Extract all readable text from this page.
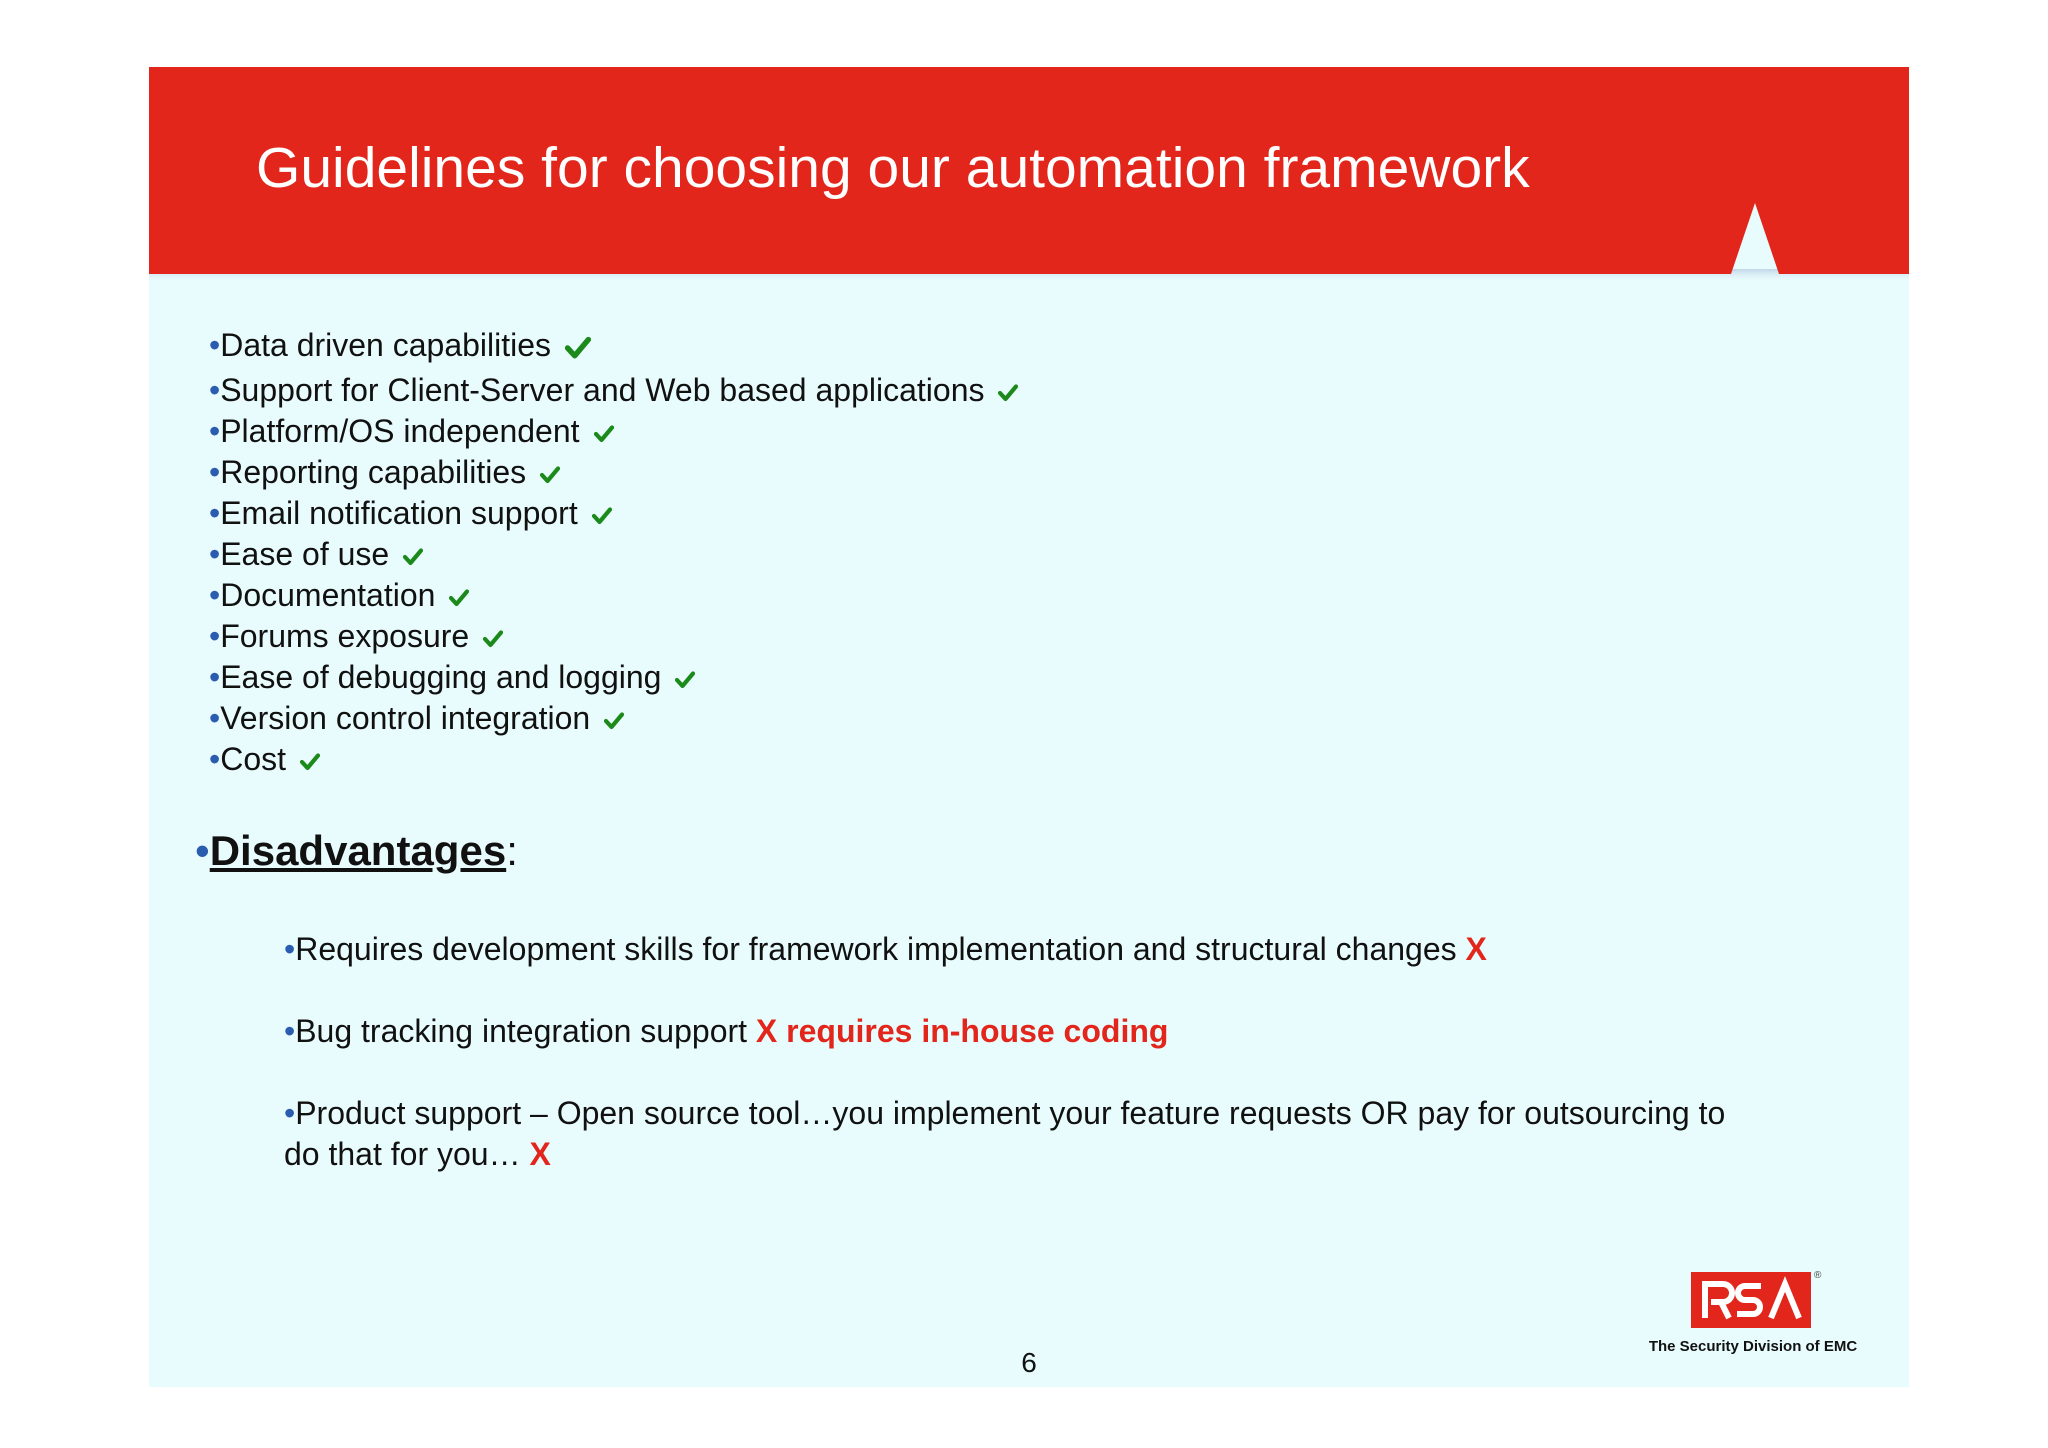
Guidelines for choosing our automation framework
•Data driven capabilities
•Support for Client-Server and Web based applications
•Platform/OS independent
•Reporting capabilities
•Email notification support
•Ease of use
•Documentation
•Forums exposure
•Ease of debugging and logging
•Version control integration
•Cost
•Disadvantages:
•Requires development skills for framework implementation and structural changes X
•Bug tracking integration support X requires in-house coding
•Product support – Open source tool…you implement your feature requests OR pay for outsourcing to do that for you… X
6
®
The Security Division of EMC
